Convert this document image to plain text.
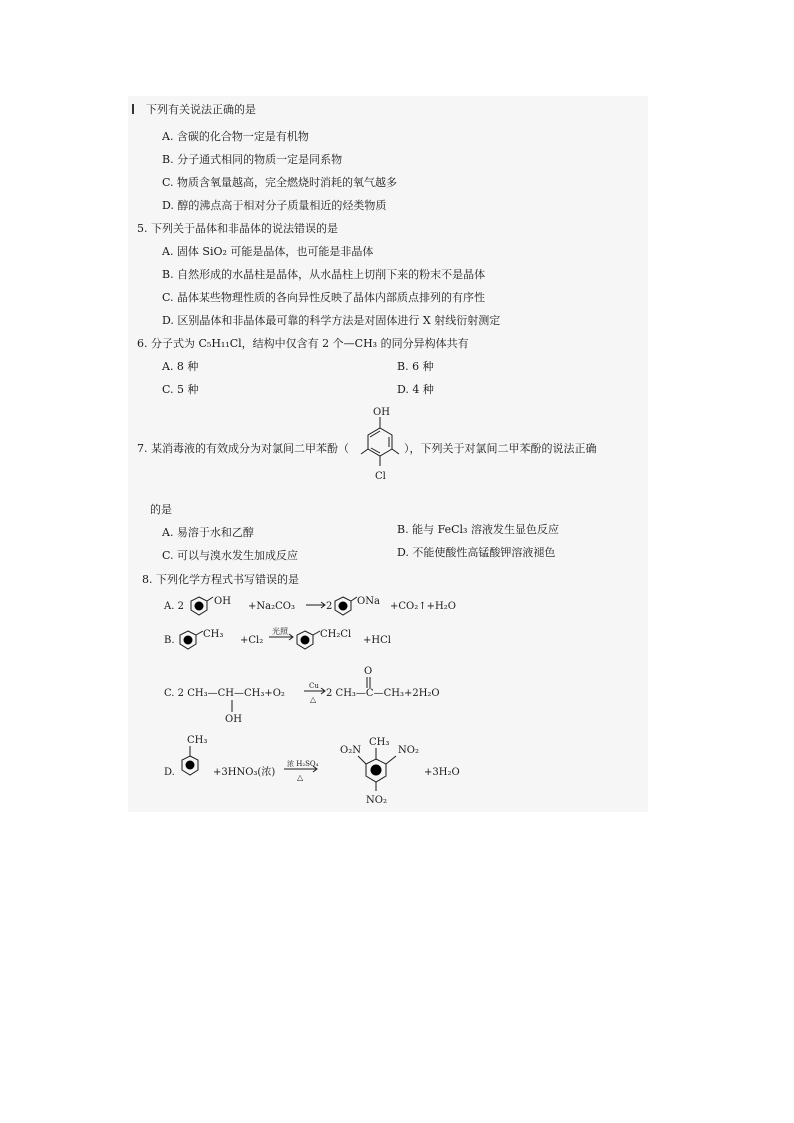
下列有关说法正确的是
A. 含碳的化合物一定是有机物
B. 分子通式相同的物质一定是同系物
C. 物质含氧量越高，完全燃烧时消耗的氧气越多
D. 醇的沸点高于相对分子质量相近的烃类物质
5. 下列关于晶体和非晶体的说法错误的是
A. 固体 SiO₂ 可能是晶体，也可能是非晶体
B. 自然形成的水晶柱是晶体，从水晶柱上切削下来的粉末不是晶体
C. 晶体某些物理性质的各向异性反映了晶体内部质点排列的有序性
D. 区别晶体和非晶体最可靠的科学方法是对固体进行 X 射线衍射测定
6. 分子式为 C₅H₁₁Cl，结构中仅含有 2 个—CH₃ 的同分异构体共有
A. 8 种	B. 6 种
C. 5 种	D. 4 种
7. 某消毒液的有效成分为对氯间二甲苯酚（
OH
Cl
），下列关于对氯间二甲苯酚的说法正确
的是
A. 易溶于水和乙醇	B. 能与 FeCl₃ 溶液发生显色反应
C. 可以与溴水发生加成反应	D. 不能使酸性高锰酸钾溶液褪色
8. 下列化学方程式书写错误的是
A. 2	OH +Na₂CO₃	2 ONa +CO₂↑+H₂O
B.
CH₃
+Cl₂
光照	CH₂Cl
+HCl
C. 2 CH₃—CH—CH₃+O₂
OH
Cu
△
2 CH₃—C—CH₃+2H₂O
O
D.
CH₃
+3HNO₃(浓)
浓 H₂SO₄
△
O₂N
CH₃
NO₂
NO₂
+3H₂O
